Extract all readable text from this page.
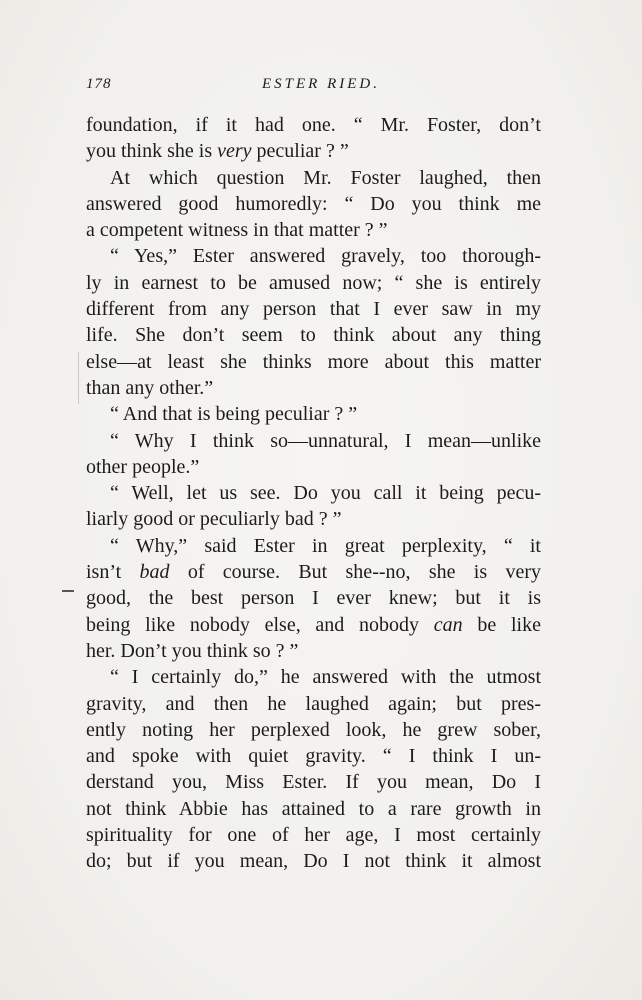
178	ESTER RIED.
foundation, if it had one. “ Mr. Foster, don’t
you think she is very peculiar ? ”
At which question Mr. Foster laughed, then
answered good humoredly: “ Do you think me
a competent witness in that matter ? ”
“ Yes,” Ester answered gravely, too thorough-
ly in earnest to be amused now; “ she is entirely
different from any person that I ever saw in my
life. She don’t seem to think about any thing
else—at least she thinks more about this matter
than any other.”
“ And that is being peculiar ? ”
“ Why I think so—unnatural, I mean—unlike
other people.”
“ Well, let us see. Do you call it being pecu-
liarly good or peculiarly bad ? ”
“ Why,” said Ester in great perplexity, “ it
isn’t bad of course. But she--no, she is very
good, the best person I ever knew; but it is
being like nobody else, and nobody can be like
her. Don’t you think so ? ”
“ I certainly do,” he answered with the utmost
gravity, and then he laughed again; but pres-
ently noting her perplexed look, he grew sober,
and spoke with quiet gravity. “ I think I un-
derstand you, Miss Ester. If you mean, Do I
not think Abbie has attained to a rare growth in
spirituality for one of her age, I most certainly
do; but if you mean, Do I not think it almost
